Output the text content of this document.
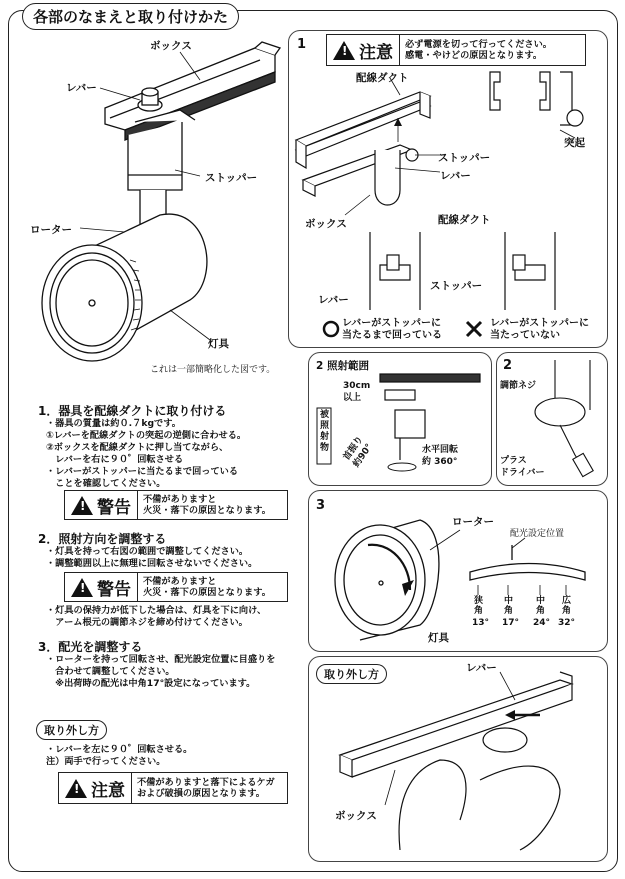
各部のなまえと取り付けかた
ボックス
レバー
ストッパー
ローター
灯具
これは一部簡略化した図です。
1
!	注意	必ず電源を切って行ってください。
感電・やけどの原因となります。
配線ダクト
突起
ストッパー
レバー
ボックス	配線ダクト
レバー
ストッパー
レバーがストッパーに
当たるまで回っている
レバーがストッパーに
当たっていない
2 照射範囲
30cm
以上
被
照
射
物 首振り
約90°	水平回転
約 360°
2
調節ネジ
プラス
ドライバー
3
ローター
配光設定位置
灯具
狭
角
13°
中
角
17°
中
角
24°
広
角
32°
取り外し方	レバー
ボックス
1．器具を配線ダクトに取り付ける
・器具の質量は約０.７kgです。
①レバーを配線ダクトの突起の逆側に合わせる。
②ボックスを配線ダクトに押し当てながら、
　レバーを右に９０゜回転させる
・レバーがストッパーに当たるまで回っている
　ことを確認してください。
!
警告	不備がありますと
火災・落下の原因となります。
2．照射方向を調整する
・灯具を持って右図の範囲で調整してください。
・調整範囲以上に無理に回転させないでください。
!
警告	不備がありますと
火災・落下の原因となります。
・灯具の保持力が低下した場合は、灯具を下に向け、
　アーム根元の調節ネジを締め付けてください。
3．配光を調整する
・ローターを持って回転させ、配光設定位置に目盛りを
　合わせて調整してください。
　※出荷時の配光は中角17°設定になっています。
取り外し方
・レバーを左に９０゜回転させる。
注）両手で行ってください。
!
注意	不備がありますと落下によるケガ
および破損の原因となります。
